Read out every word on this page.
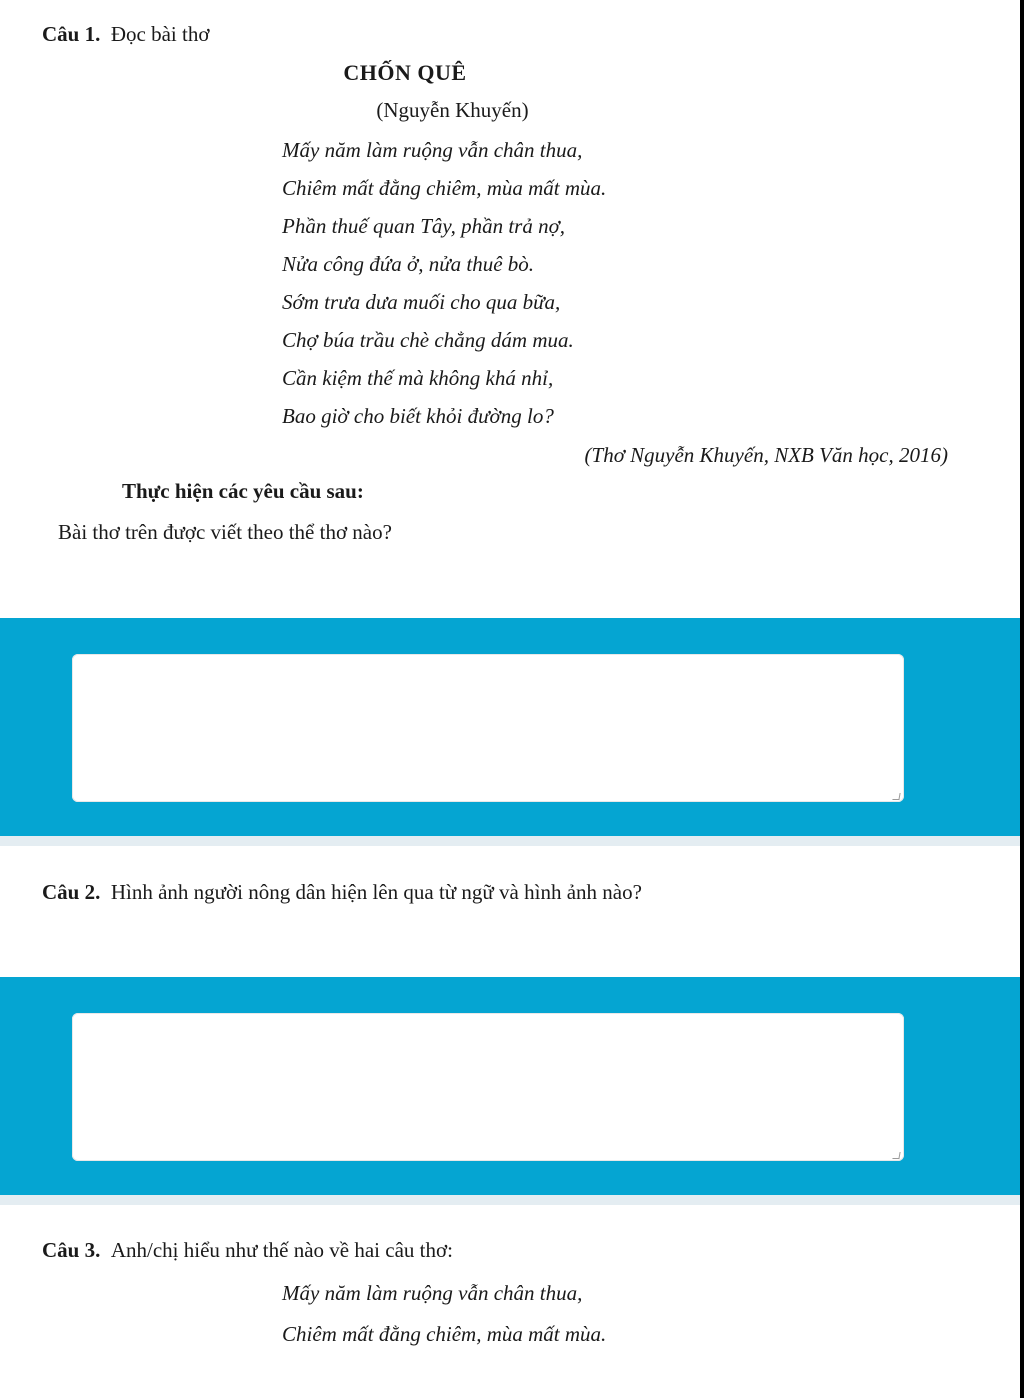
Câu 1. Đọc bài thơ
CHỐN QUÊ
(Nguyễn Khuyến)
Mấy năm làm ruộng vẫn chân thua,
Chiêm mất đằng chiêm, mùa mất mùa.
Phần thuế quan Tây, phần trả nợ,
Nửa công đứa ở, nửa thuê bò.
Sớm trưa dưa muối cho qua bữa,
Chợ búa trầu chè chẳng dám mua.
Cần kiệm thế mà không khá nhỉ,
Bao giờ cho biết khỏi đường lo?
(Thơ Nguyễn Khuyến, NXB Văn học, 2016)
Thực hiện các yêu cầu sau:
Bài thơ trên được viết theo thể thơ nào?
Câu 2. Hình ảnh người nông dân hiện lên qua từ ngữ và hình ảnh nào?
Câu 3. Anh/chị hiểu như thế nào về hai câu thơ:
Mấy năm làm ruộng vẫn chân thua,
Chiêm mất đằng chiêm, mùa mất mùa.
